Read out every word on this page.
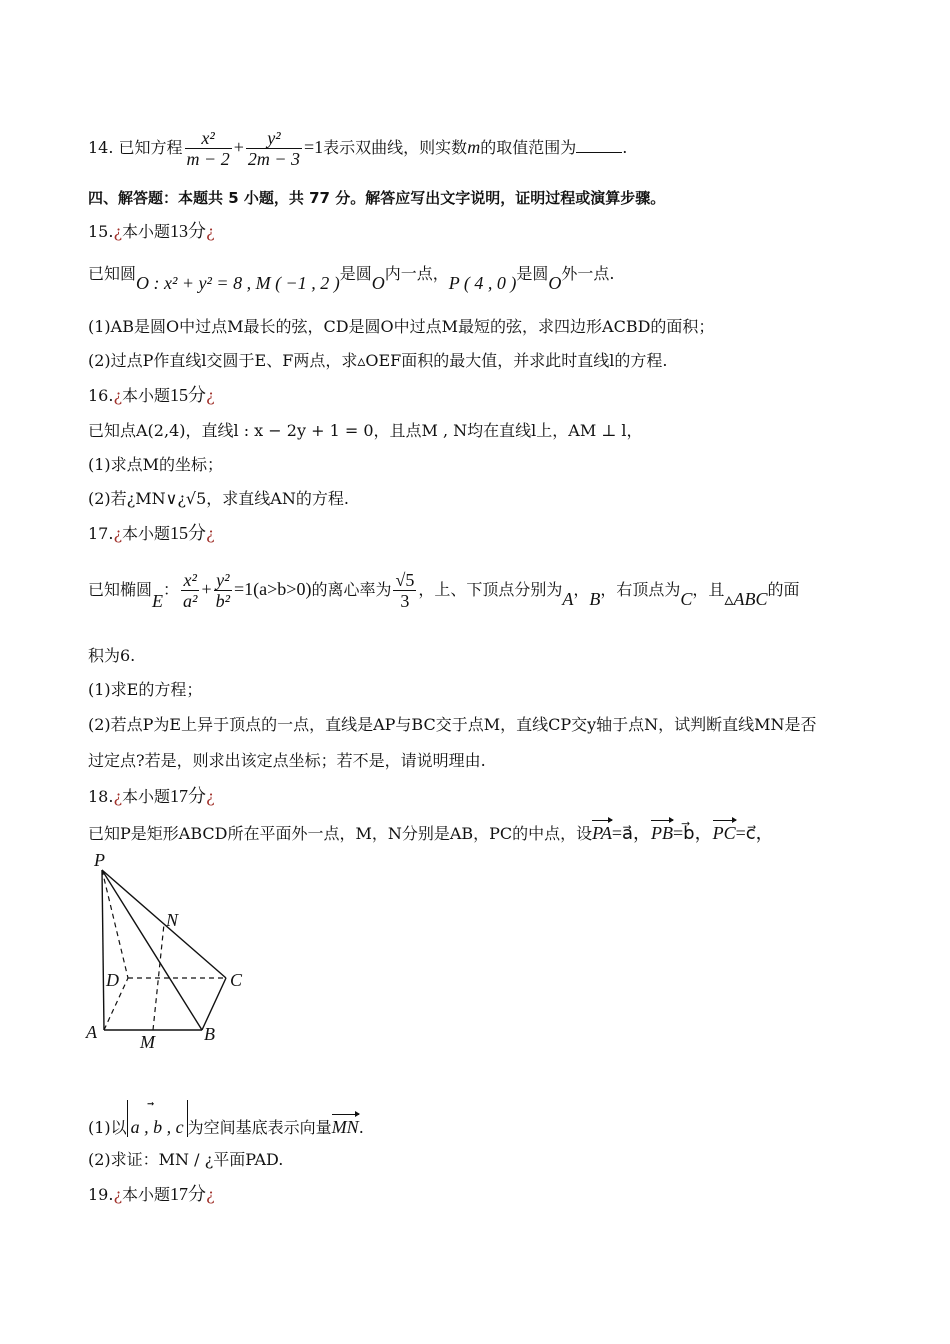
14. 已知方程 $\frac{\text{x²}}{m - 2} + \frac{\text{y²}}{2m - 3} =1$表示双曲线，则实数m的取值范围为	.
四、解答题：本题共 5 小题，共 77 分。解答应写出文字说明，证明过程或演算步骤。
15.¿本小题13分¿
已知圆O : x² + y² = 8 , M ( −1 , 2 )是圆O内一点，P ( 4 , 0 )是圆O外一点.
(1)AB是圆O中过点M最长的弦，CD是圆O中过点M最短的弦，求四边形ACBD的面积；
(2)过点P作直线l交圆于E、F两点，求▵OEF面积的最大值，并求此时直线l的方程.
16.¿本小题15分¿
已知点A(2,4)，直线l : x − 2y + 1 = 0，且点M , N均在直线l上，AM ⊥ l，
(1)求点M的坐标；
(2)若¿MN∨¿√5，求直线AN的方程.
17.¿本小题15分¿
已知椭圆E： $\frac{\text{x²}}{\text{a²}} + \frac{\text{y²}}{\text{b²}} =1(a>b>0)$的离心率为 $\frac{√5}{3}$ ，上、下顶点分别为A，B，右顶点为C，且▵ABC的面
积为6.
(1)求E的方程；
(2)若点P为E上异于顶点的一点，直线是AP与BC交于点M，直线CP交y轴于点N，试判断直线MN是否
过定点?若是，则求出该定点坐标；若不是，请说明理由.
18.¿本小题17分¿
已知P是矩形ABCD所在平面外一点，M，N分别是AB，PC的中点，设PA=a⃗，PB=b⃗，PC=c⃗，
P
N
D	C
A M	B
(1)以
⃗⃗⃗
a , b , c 为空间基底表示向量MN.
(2)求证：MN / ¿平面PAD.
19.¿本小题17分¿
